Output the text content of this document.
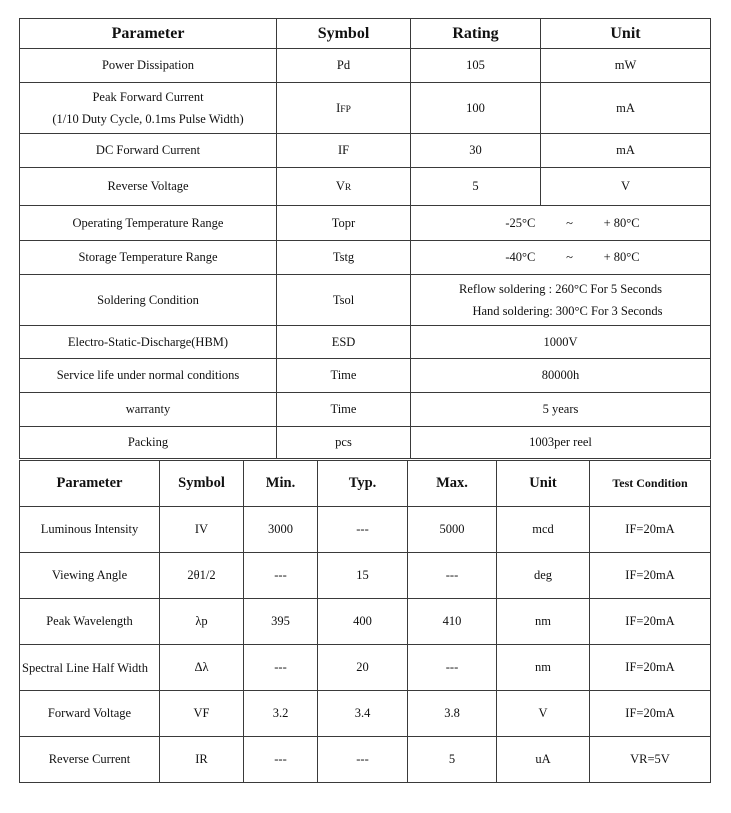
Parameter	Symbol	Rating	Unit
Power Dissipation	Pd	105	mW

Peak Forward Current
(1/10 Duty Cycle, 0.1ms Pulse Width)	IFP	100	mA
DC Forward Current	IF	30	mA
Reverse Voltage	VR	5	V
Operating Temperature Range	Topr	-25°C ~ + 80°C	
Storage Temperature Range	Tstg	-40°C ~ + 80°C	
Soldering Condition	Tsol	Reflow soldering : 260°C For 5 Seconds
Hand soldering: 300°C For 3 Seconds	

Electro-Static-Discharge(HBM)	ESD	1000V	
Service life under normal conditions	Time	80000h	
warranty	Time	5 years	
Packing	pcs	1003per reel	
Parameter	Symbol	Min.	Typ.	Max.	Unit	Test Condition
Luminous Intensity	IV	3000	---	5000	mcd	IF=20mA
Viewing Angle	2θ1/2	---	15	---	deg	IF=20mA
Peak Wavelength	λp	395	400	410	nm	IF=20mA
Spectral Line Half Width	Δλ	---	20	---	nm	IF=20mA
Forward Voltage	VF	3.2	3.4	3.8	V	IF=20mA
Reverse Current	IR	---	---	5	uA	VR=5V
